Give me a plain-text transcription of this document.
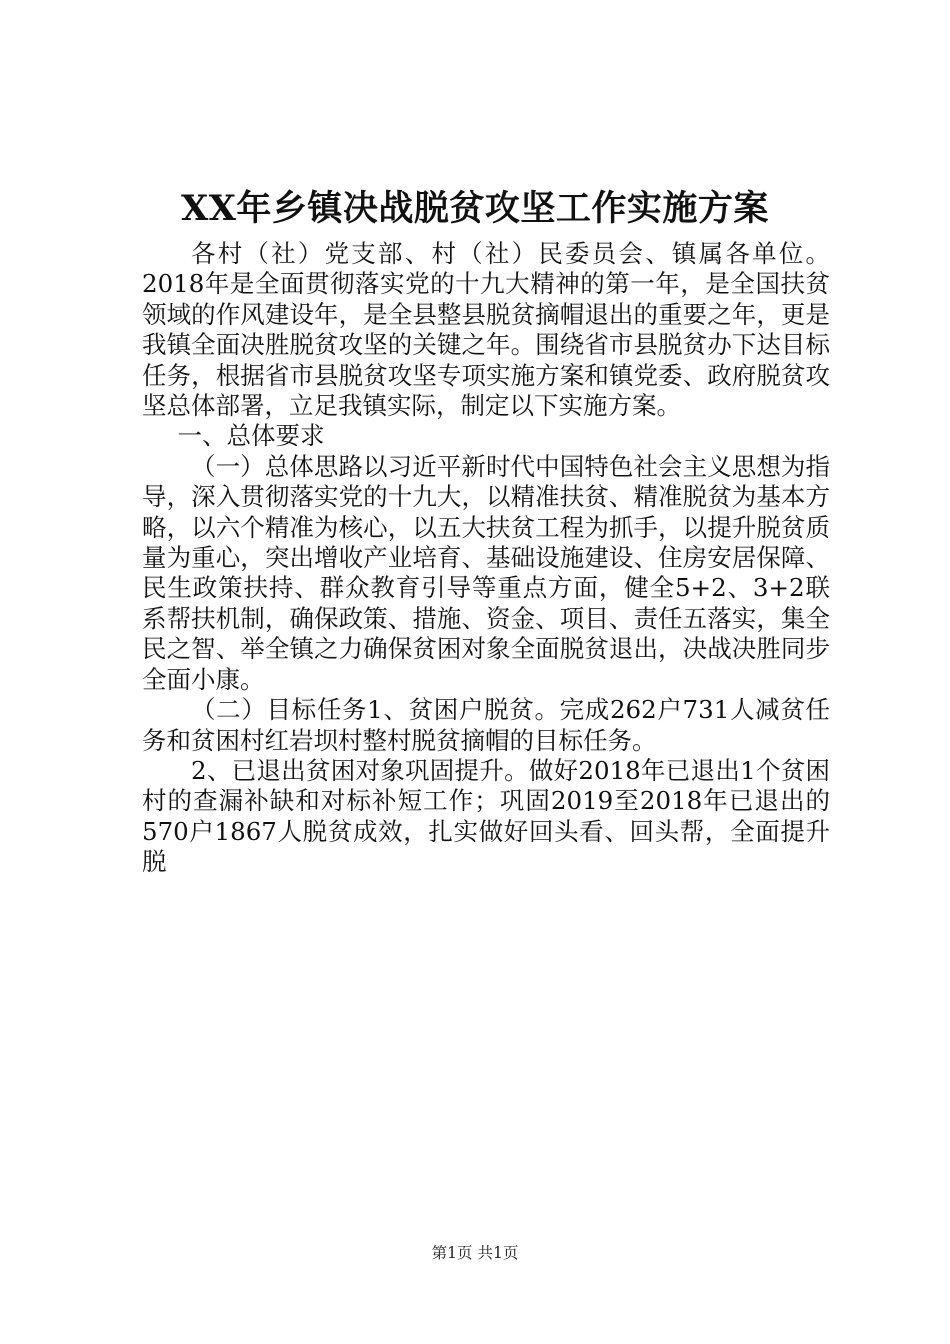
XX年乡镇决战脱贫攻坚工作实施方案

各村（社）党支部、村（社）民委员会、镇属各单位。2018年是全面贯彻落实党的十九大精神的第一年，是全国扶贫领域的作风建设年，是全县整县脱贫摘帽退出的重要之年，更是我镇全面决胜脱贫攻坚的关键之年。围绕省市县脱贫办下达目标任务，根据省市县脱贫攻坚专项实施方案和镇党委、政府脱贫攻坚总体部署，立足我镇实际，制定以下实施方案。

一、总体要求

（一）总体思路以习近平新时代中国特色社会主义思想为指导，深入贯彻落实党的十九大，以精准扶贫、精准脱贫为基本方略，以六个精准为核心，以五大扶贫工程为抓手，以提升脱贫质量为重心，突出增收产业培育、基础设施建设、住房安居保障、民生政策扶持、群众教育引导等重点方面，健全5+2、3+2联系帮扶机制，确保政策、措施、资金、项目、责任五落实，集全民之智、举全镇之力确保贫困对象全面脱贫退出，决战决胜同步全面小康。

（二）目标任务1、贫困户脱贫。完成262户731人减贫任务和贫困村红岩坝村整村脱贫摘帽的目标任务。

2、已退出贫困对象巩固提升。做好2018年已退出1个贫困村的查漏补缺和对标补短工作；巩固2019至2018年已退出的570户1867人脱贫成效，扎实做好回头看、回头帮，全面提升脱

第1页 共1页
